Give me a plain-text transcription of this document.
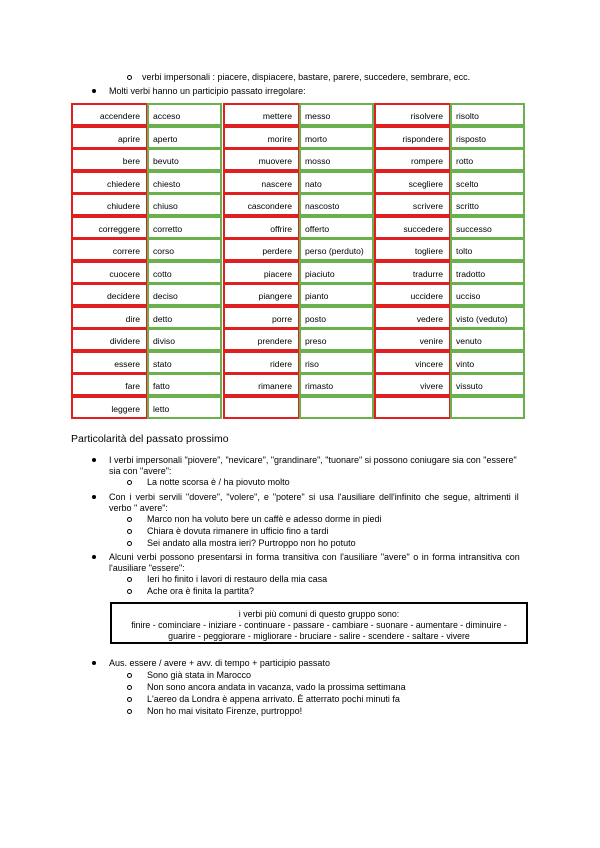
verbi impersonali : piacere, dispiacere, bastare, parere, succedere, sembrare, ecc.
Molti verbi hanno un participio passato irregolare:
accendere	acceso
aprire	aperto
bere	bevuto
chiedere	chiesto
chiudere	chiuso
correggere	corretto
correre	corso
cuocere	cotto
decidere	deciso
dire	detto
dividere	diviso
essere	stato
fare	fatto
leggere	letto
mettere	messo
morire	morto
muovere	mosso
nascere	nato
cascondere	nascosto
offrire	offerto
perdere	perso (perduto)
piacere	piaciuto
piangere	pianto
porre	posto
prendere	preso
ridere	riso
rimanere	rimasto
risolvere	risolto
rispondere	risposto
rompere	rotto
scegliere	scelto
scrivere	scritto
succedere	successo
togliere	tolto
tradurre	tradotto
uccidere	ucciso
vedere	visto (veduto)
venire	venuto
vincere	vinto
vivere	vissuto
Particolarità del passato prossimo
I verbi impersonali "piovere", "nevicare", "grandinare", "tuonare" si possono coniugare sia con "essere"
sia con "avere":
La notte scorsa è / ha piovuto molto
Con i verbi servili "dovere", "volere", e "potere" si usa l'ausiliare dell'infinito che segue, altrimenti il
verbo " avere":
Marco non ha voluto bere un caffè e adesso dorme in piedi
Chiara è dovuta rimanere in ufficio fino a tardi
Sei andato alla mostra ieri? Purtroppo non ho potuto
Alcuni verbi possono presentarsi in forma transitiva con l'ausiliare "avere" o in forma intransitiva con
l'ausiliare "essere":
Ieri ho finito i lavori di restauro della mia casa
Ache ora è finita la partita?
i verbi più comuni di questo gruppo sono:
finire - cominciare - iniziare - continuare - passare - cambiare - suonare - aumentare - diminuire -
guarire - peggiorare - migliorare - bruciare - salire - scendere - saltare - vivere
Aus. essere / avere + avv. di tempo + participio passato
Sono già stata in Marocco
Non sono ancora andata in vacanza, vado la prossima settimana
L'aereo da Londra è appena arrivato. È atterrato pochi minuti fa
Non ho mai visitato Firenze, purtroppo!
